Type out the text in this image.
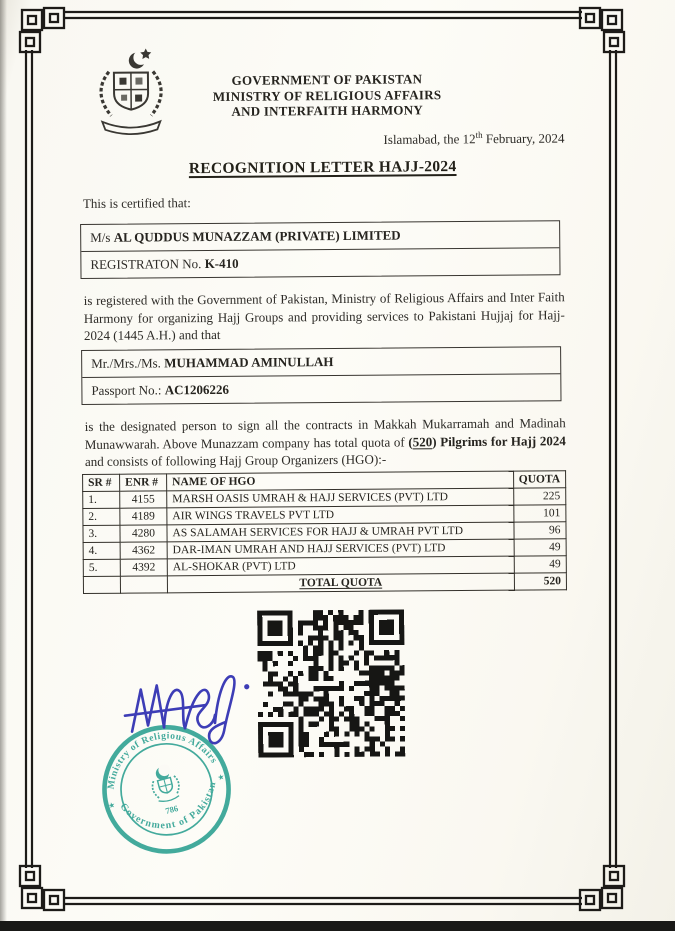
GOVERNMENT OF PAKISTAN
MINISTRY OF RELIGIOUS AFFAIRS
AND INTERFAITH HARMONY
Islamabad, the 12th February, 2024
RECOGNITION LETTER HAJJ-2024
This is certified that:
M/s AL QUDDUS MUNAZZAM (PRIVATE) LIMITED
REGISTRATON No. K-410
is registered with the Government of Pakistan, Ministry of Religious Affairs and Inter Faith Harmony for organizing Hajj Groups and providing services to Pakistani Hujjaj for Hajj-2024 (1445 A.H.) and that
Mr./Mrs./Ms. MUHAMMAD AMINULLAH
Passport No.: AC1206226
is the designated person to sign all the contracts in Makkah Mukarramah and Madinah Munawwarah. Above Munazzam company has total quota of (520) Pilgrims for Hajj 2024 and consists of following Hajj Group Organizers (HGO):-
SR #	ENR #	NAME OF HGO	QUOTA
1.	4155	MARSH OASIS UMRAH & HAJJ SERVICES (PVT) LTD	225
2.	4189	AIR WINGS TRAVELS PVT LTD	101
3.	4280	AS SALAMAH SERVICES FOR HAJJ & UMRAH PVT LTD	96
4.	4362	DAR-IMAN UMRAH AND HAJJ SERVICES (PVT) LTD	49
5.	4392	AL-SHOKAR (PVT) LTD	49
		TOTAL QUOTA	520
Ministry of Religious Affairs
Government of Pakistan
786
★
★
